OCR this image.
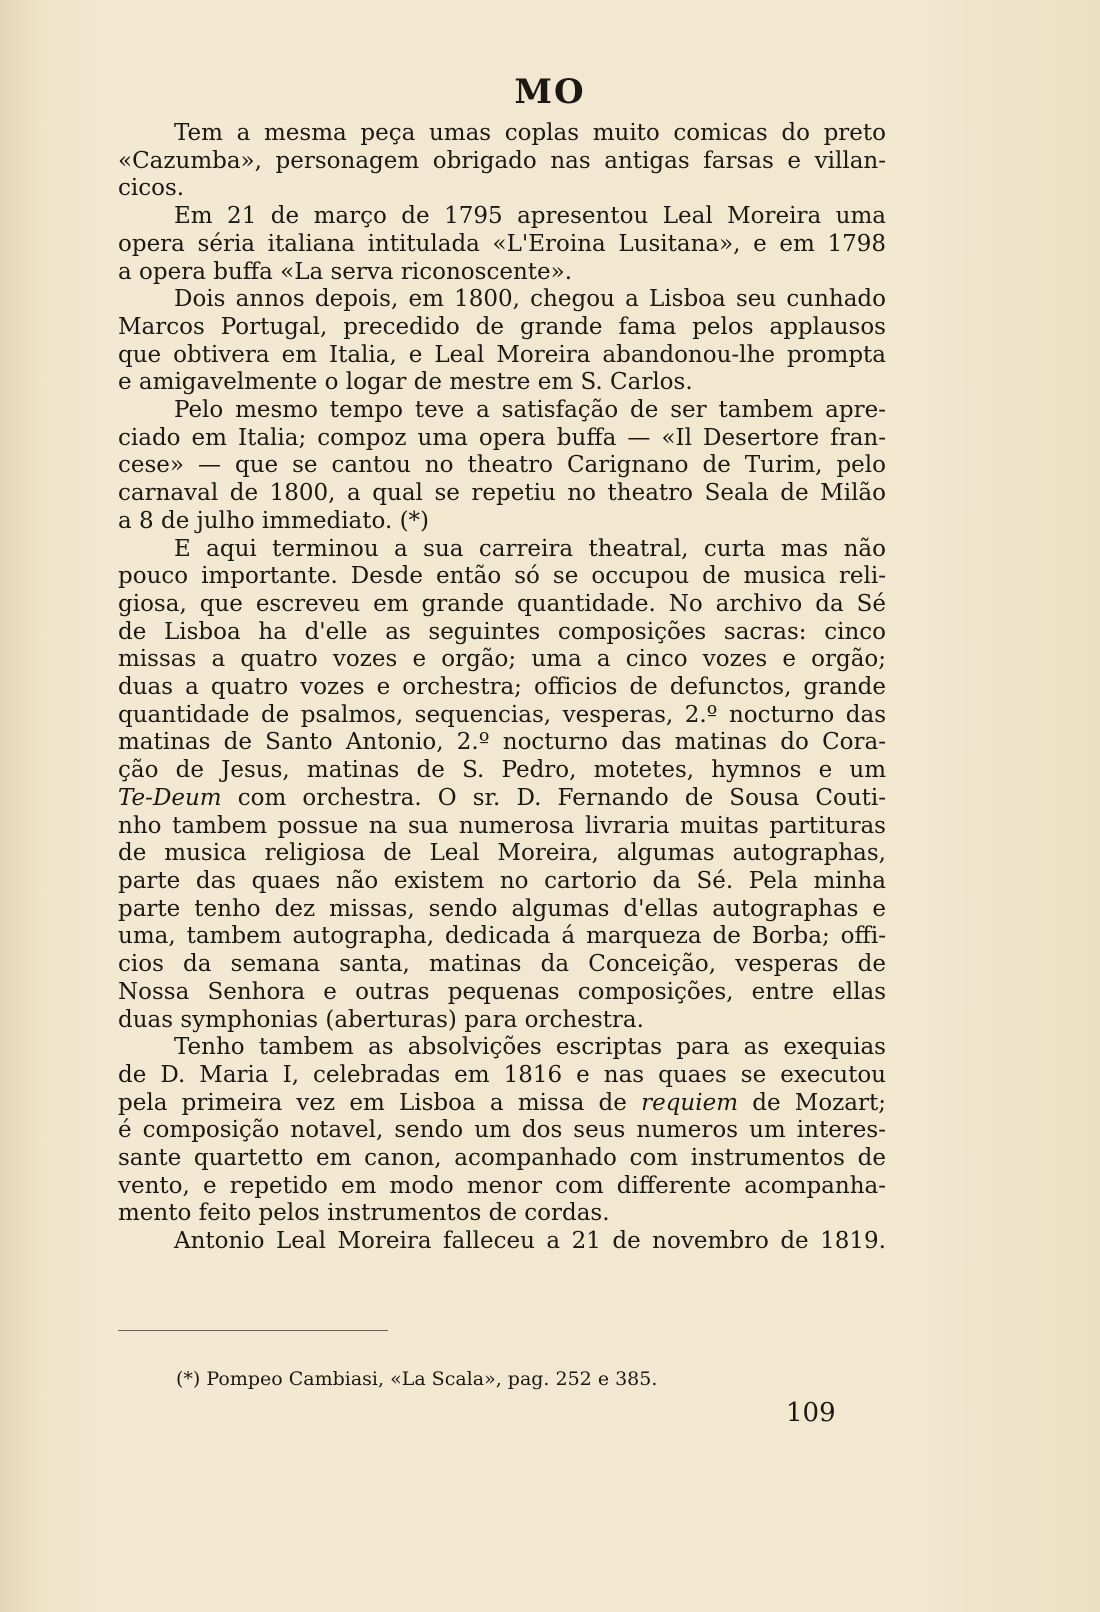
MO
Tem a mesma peça umas coplas muito comicas do preto
«Cazumba», personagem obrigado nas antigas farsas e villan-
cicos.
Em 21 de março de 1795 apresentou Leal Moreira uma
opera séria italiana intitulada «L'Eroina Lusitana», e em 1798
a opera buffa «La serva riconoscente».
Dois annos depois, em 1800, chegou a Lisboa seu cunhado
Marcos Portugal, precedido de grande fama pelos applausos
que obtivera em Italia, e Leal Moreira abandonou-lhe prompta
e amigavelmente o logar de mestre em S. Carlos.
Pelo mesmo tempo teve a satisfação de ser tambem apre-
ciado em Italia; compoz uma opera buffa — «Il Desertore fran-
cese» — que se cantou no theatro Carignano de Turim, pelo
carnaval de 1800, a qual se repetiu no theatro Seala de Milão
a 8 de julho immediato. (*)
E aqui terminou a sua carreira theatral, curta mas não
pouco importante. Desde então só se occupou de musica reli-
giosa, que escreveu em grande quantidade. No archivo da Sé
de Lisboa ha d'elle as seguintes composições sacras: cinco
missas a quatro vozes e orgão; uma a cinco vozes e orgão;
duas a quatro vozes e orchestra; officios de defunctos, grande
quantidade de psalmos, sequencias, vesperas, 2.º nocturno das
matinas de Santo Antonio, 2.º nocturno das matinas do Cora-
ção de Jesus, matinas de S. Pedro, motetes, hymnos e um
Te-Deum com orchestra. O sr. D. Fernando de Sousa Couti-
nho tambem possue na sua numerosa livraria muitas partituras
de musica religiosa de Leal Moreira, algumas autographas,
parte das quaes não existem no cartorio da Sé. Pela minha
parte tenho dez missas, sendo algumas d'ellas autographas e
uma, tambem autographa, dedicada á marqueza de Borba; offi-
cios da semana santa, matinas da Conceição, vesperas de
Nossa Senhora e outras pequenas composições, entre ellas
duas symphonias (aberturas) para orchestra.
Tenho tambem as absolvições escriptas para as exequias
de D. Maria I, celebradas em 1816 e nas quaes se executou
pela primeira vez em Lisboa a missa de requiem de Mozart;
é composição notavel, sendo um dos seus numeros um interes-
sante quartetto em canon, acompanhado com instrumentos de
vento, e repetido em modo menor com differente acompanha-
mento feito pelos instrumentos de cordas.
Antonio Leal Moreira falleceu a 21 de novembro de 1819.
(*) Pompeo Cambiasi, «La Scala», pag. 252 e 385.
109
